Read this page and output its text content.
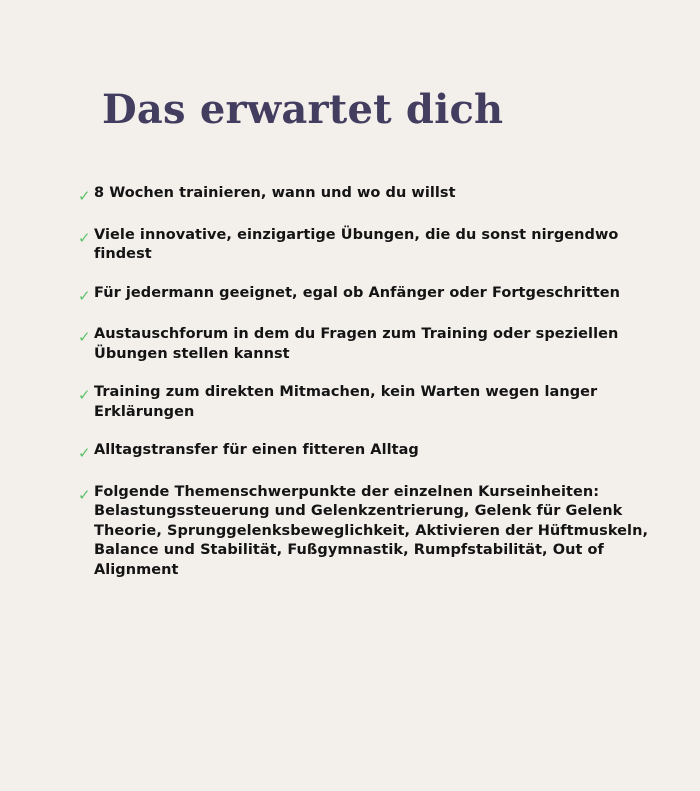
Das erwartet dich
✓ 8 Wochen trainieren, wann und wo du willst
✓ Viele innovative, einzigartige Übungen, die du sonst nirgendwo findest
✓ Für jedermann geeignet, egal ob Anfänger oder Fortgeschritten
✓ Austauschforum in dem du Fragen zum Training oder speziellen Übungen stellen kannst
✓ Training zum direkten Mitmachen, kein Warten wegen langer Erklärungen
✓ Alltagstransfer für einen fitteren Alltag
✓ Folgende Themenschwerpunkte der einzelnen Kurseinheiten: Belastungssteuerung und Gelenkzentrierung, Gelenk für Gelenk Theorie, Sprunggelenksbeweglichkeit, Aktivieren der Hüftmuskeln, Balance und Stabilität, Fußgymnastik, Rumpfstabilität, Out of Alignment
